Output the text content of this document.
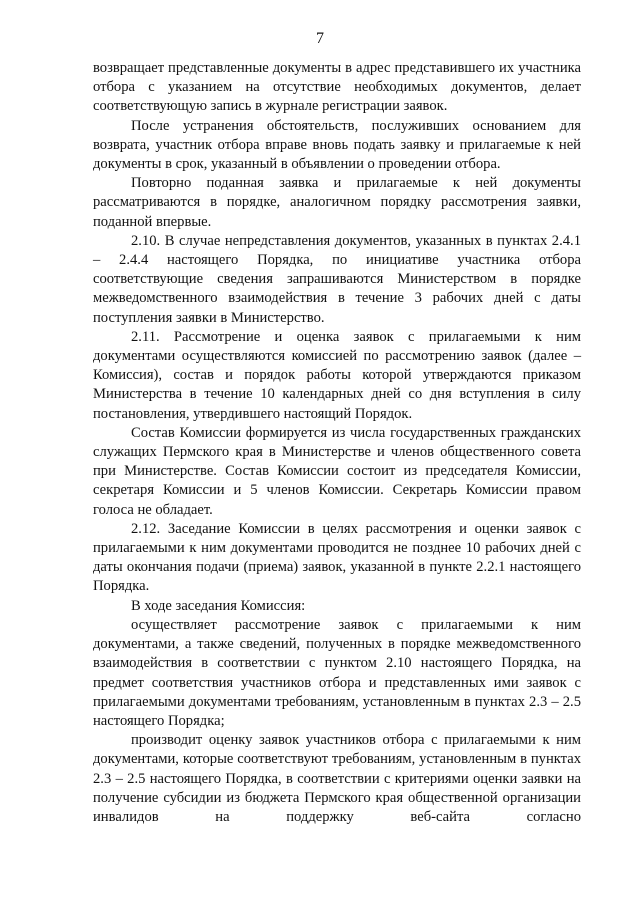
7

возвращает представленные документы в адрес представившего их участника отбора с указанием на отсутствие необходимых документов, делает соответствующую запись в журнале регистрации заявок.

После устранения обстоятельств, послуживших основанием для возврата, участник отбора вправе вновь подать заявку и прилагаемые к ней документы в срок, указанный в объявлении о проведении отбора.

Повторно поданная заявка и прилагаемые к ней документы рассматриваются в порядке, аналогичном порядку рассмотрения заявки, поданной впервые.

2.10. В случае непредставления документов, указанных в пунктах 2.4.1 – 2.4.4 настоящего Порядка, по инициативе участника отбора соответствующие сведения запрашиваются Министерством в порядке межведомственного взаимодействия в течение 3 рабочих дней с даты поступления заявки в Министерство.

2.11. Рассмотрение и оценка заявок с прилагаемыми к ним документами осуществляются комиссией по рассмотрению заявок (далее – Комиссия), состав и порядок работы которой утверждаются приказом Министерства в течение 10 календарных дней со дня вступления в силу постановления, утвердившего настоящий Порядок.

Состав Комиссии формируется из числа государственных гражданских служащих Пермского края в Министерстве и членов общественного совета при Министерстве. Состав Комиссии состоит из председателя Комиссии, секретаря Комиссии и 5 членов Комиссии. Секретарь Комиссии правом голоса не обладает.

2.12. Заседание Комиссии в целях рассмотрения и оценки заявок с прилагаемыми к ним документами проводится не позднее 10 рабочих дней с даты окончания подачи (приема) заявок, указанной в пункте 2.2.1 настоящего Порядка.

В ходе заседания Комиссия:

осуществляет рассмотрение заявок с прилагаемыми к ним документами, а также сведений, полученных в порядке межведомственного взаимодействия в соответствии с пунктом 2.10 настоящего Порядка, на предмет соответствия участников отбора и представленных ими заявок с прилагаемыми документами требованиям, установленным в пунктах 2.3 – 2.5 настоящего Порядка;

производит оценку заявок участников отбора с прилагаемыми к ним документами, которые соответствуют требованиям, установленным в пунктах 2.3 – 2.5 настоящего Порядка, в соответствии с критериями оценки заявки на получение субсидии из бюджета Пермского края общественной организации инвалидов на поддержку веб-сайта согласно
